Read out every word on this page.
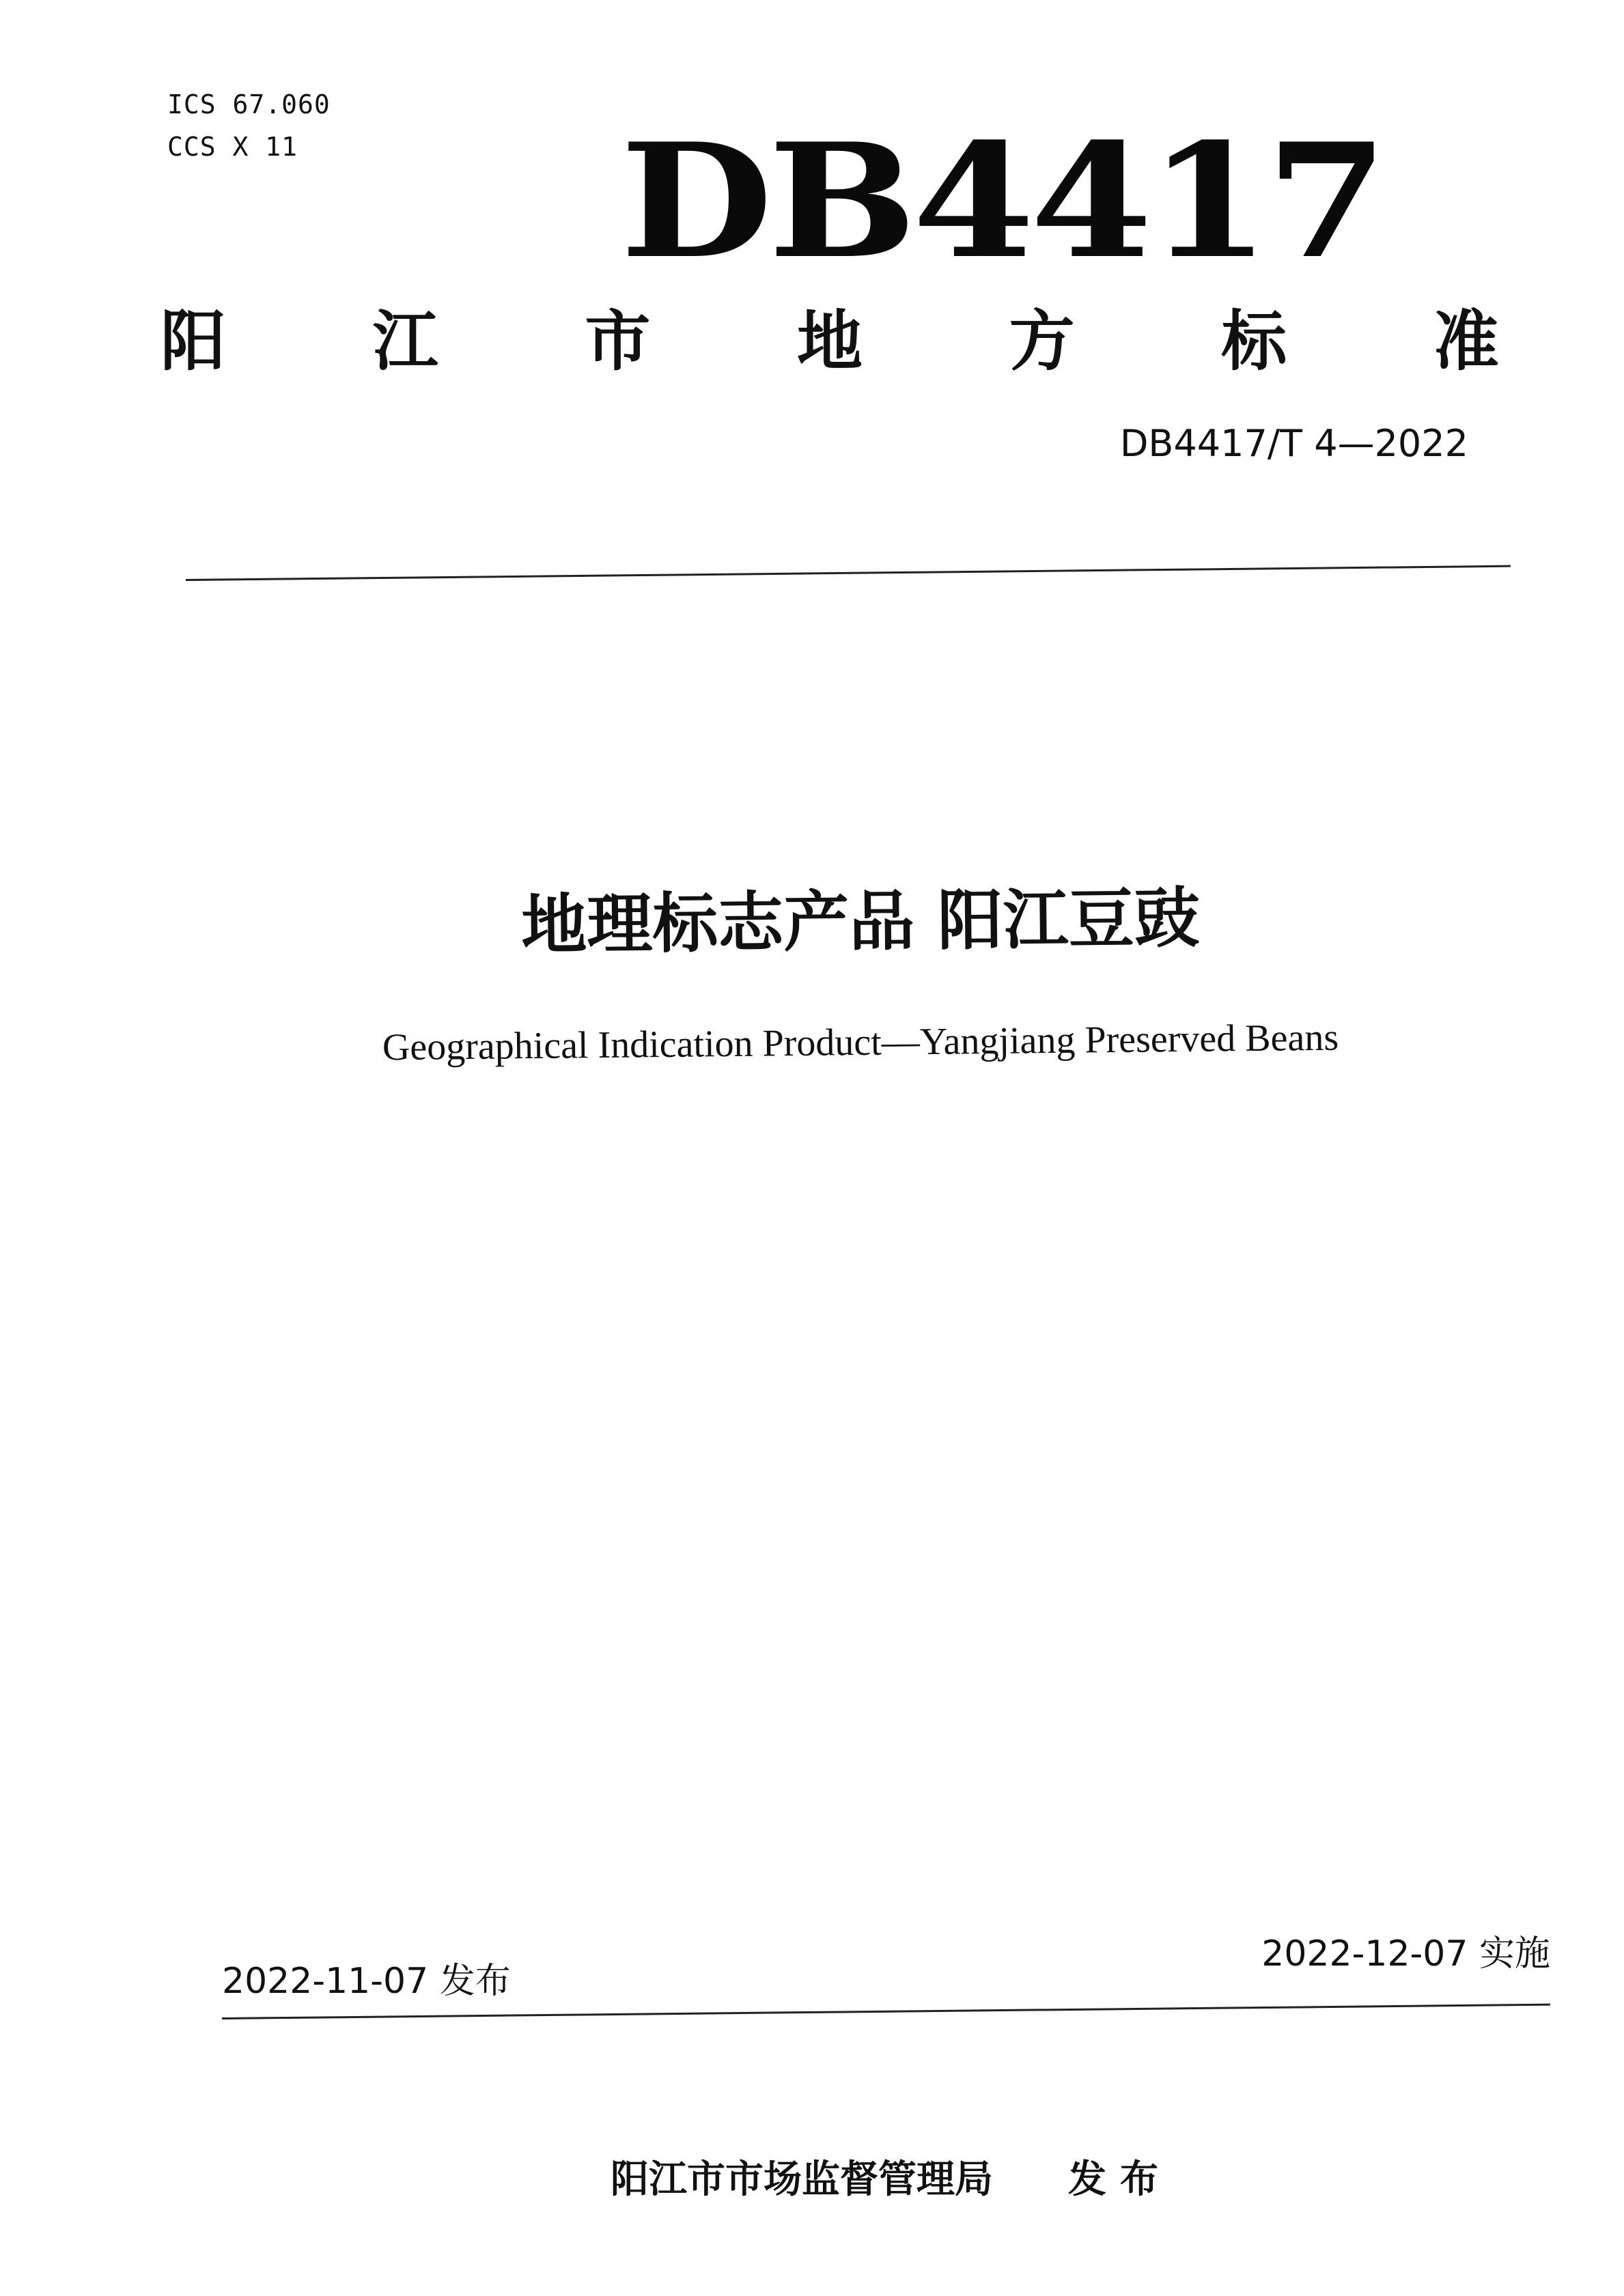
ICS 67.060
CCS X 11 DB4417
阳 江 市 地 方 标 准
DB4417/T 4—2022
地理标志产品 阳江豆豉
Geographical Indication Product—Yangjiang Preserved Beans
2022-11-07 发布
2022-12-07 实施

阳江市市场监督管理局 发布
